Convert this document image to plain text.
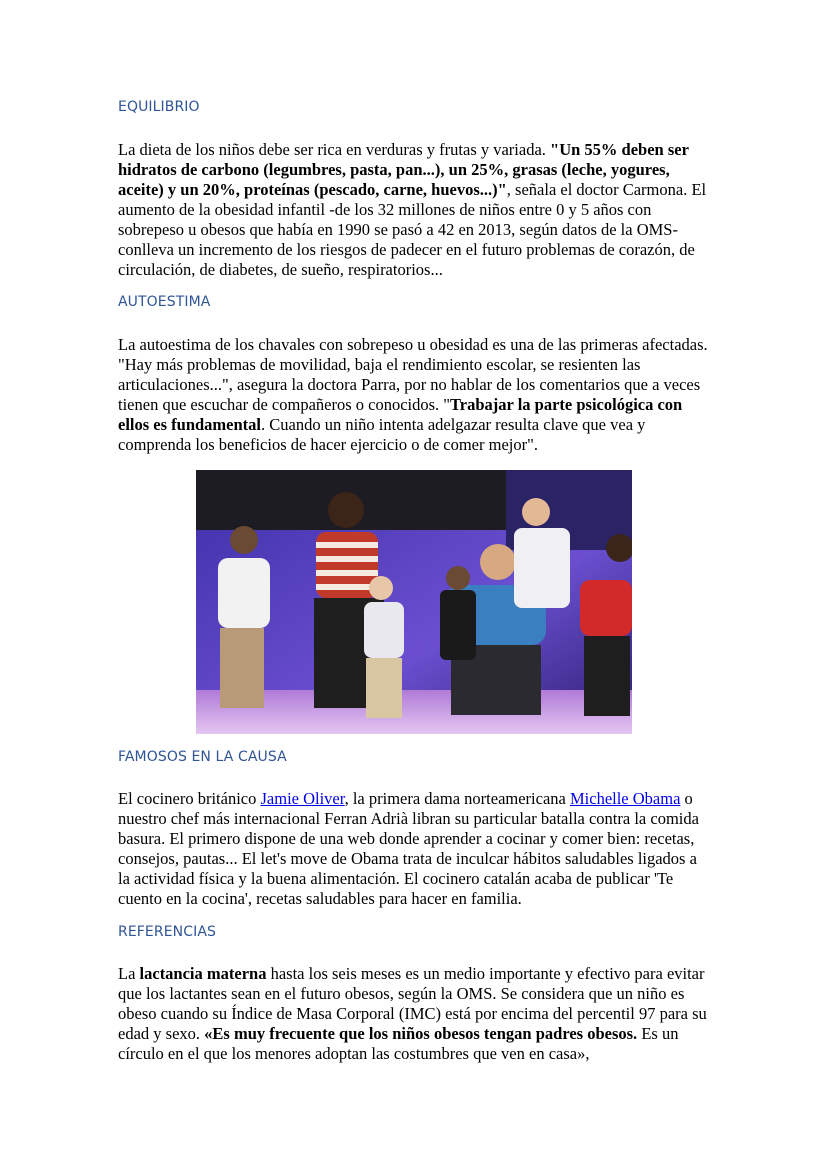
EQUILIBRIO

La dieta de los niños debe ser rica en verduras y frutas y variada. "Un 55% deben ser hidratos de carbono (legumbres, pasta, pan...), un 25%, grasas (leche, yogures, aceite) y un 20%, proteínas (pescado, carne, huevos...)", señala el doctor Carmona. El aumento de la obesidad infantil -de los 32 millones de niños entre 0 y 5 años con sobrepeso u obesos que había en 1990 se pasó a 42 en 2013, según datos de la OMS- conlleva un incremento de los riesgos de padecer en el futuro problemas de corazón, de circulación, de diabetes, de sueño, respiratorios...

AUTOESTIMA

La autoestima de los chavales con sobrepeso u obesidad es una de las primeras afectadas. "Hay más problemas de movilidad, baja el rendimiento escolar, se resienten las articulaciones...", asegura la doctora Parra, por no hablar de los comentarios que a veces tienen que escuchar de compañeros o conocidos. "Trabajar la parte psicológica con ellos es fundamental. Cuando un niño intenta adelgazar resulta clave que vea y comprenda los beneficios de hacer ejercicio o de comer mejor".

FAMOSOS EN LA CAUSA

El cocinero británico Jamie Oliver, la primera dama norteamericana Michelle Obama o nuestro chef más internacional Ferran Adrià libran su particular batalla contra la comida basura. El primero dispone de una web donde aprender a cocinar y comer bien: recetas, consejos, pautas... El let's move de Obama trata de inculcar hábitos saludables ligados a la actividad física y la buena alimentación. El cocinero catalán acaba de publicar 'Te cuento en la cocina', recetas saludables para hacer en familia.

REFERENCIAS

La lactancia materna hasta los seis meses es un medio importante y efectivo para evitar que los lactantes sean en el futuro obesos, según la OMS. Se considera que un niño es obeso cuando su Índice de Masa Corporal (IMC) está por encima del percentil 97 para su edad y sexo. «Es muy frecuente que los niños obesos tengan padres obesos. Es un círculo en el que los menores adoptan las costumbres que ven en casa»,
